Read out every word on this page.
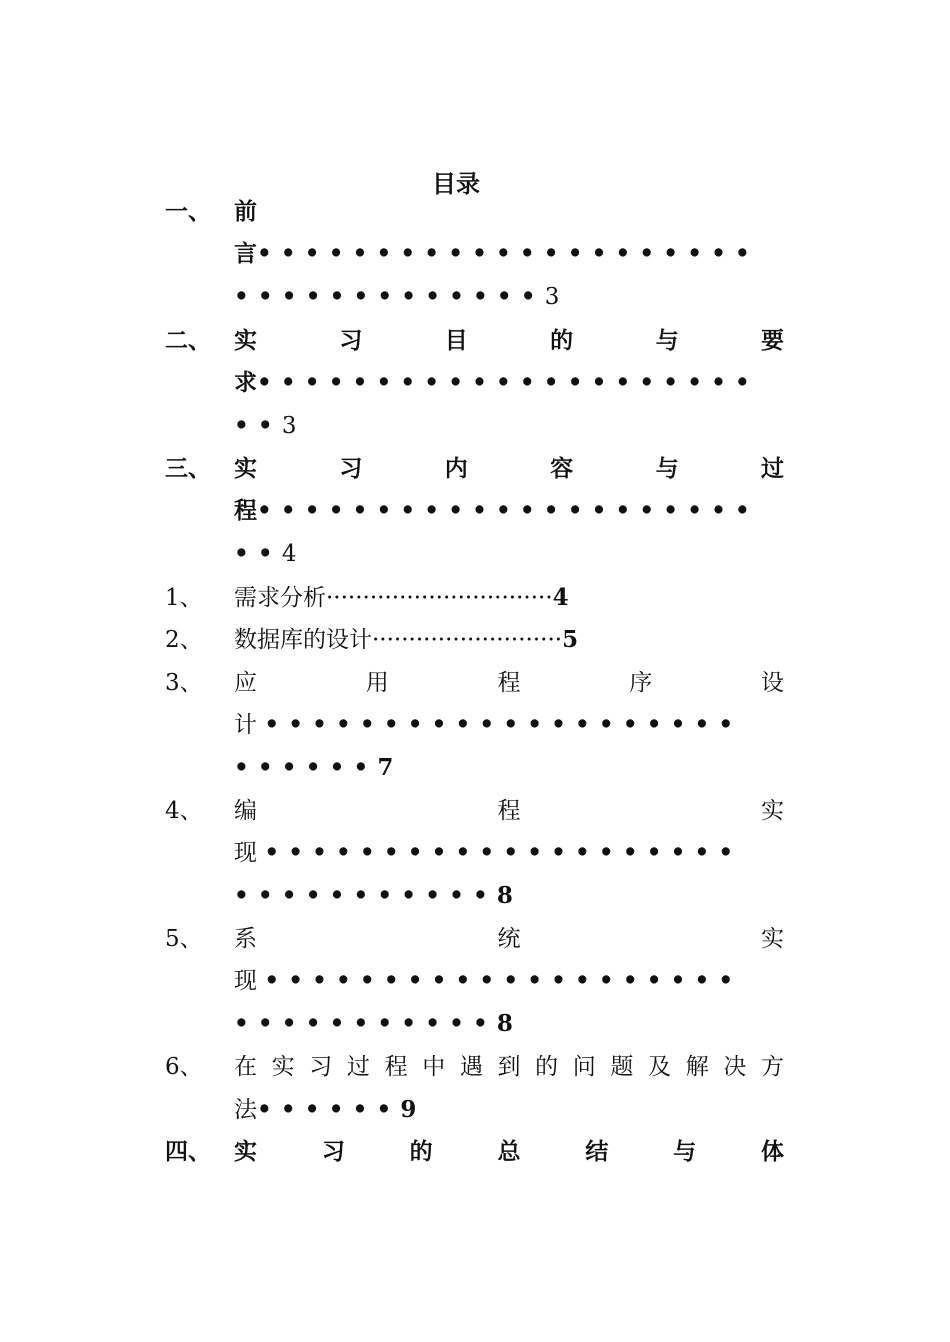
目录
一、 前
言•••••••••••••••••••••
•••••••••••••3
二、 实	习	目	的	与	要
求•••••••••••••••••••••
••3
三、 实	习	内	容	与	过
程•••••••••••••••••••••
••4
1、 需求分析·······························4
2、 数据库的设计··························5
3、 应	用	程	序	设
计 ••••••••••••••••••••
••••••7
4、 编	程	实
现 ••••••••••••••••••••
•••••••••••8
5、 系	统	实
现 ••••••••••••••••••••
•••••••••••8
6、 在 实 习 过 程 中 遇 到 的 问 题 及 解 决 方
法••••••9
四、 实	习	的	总	结	与	体
